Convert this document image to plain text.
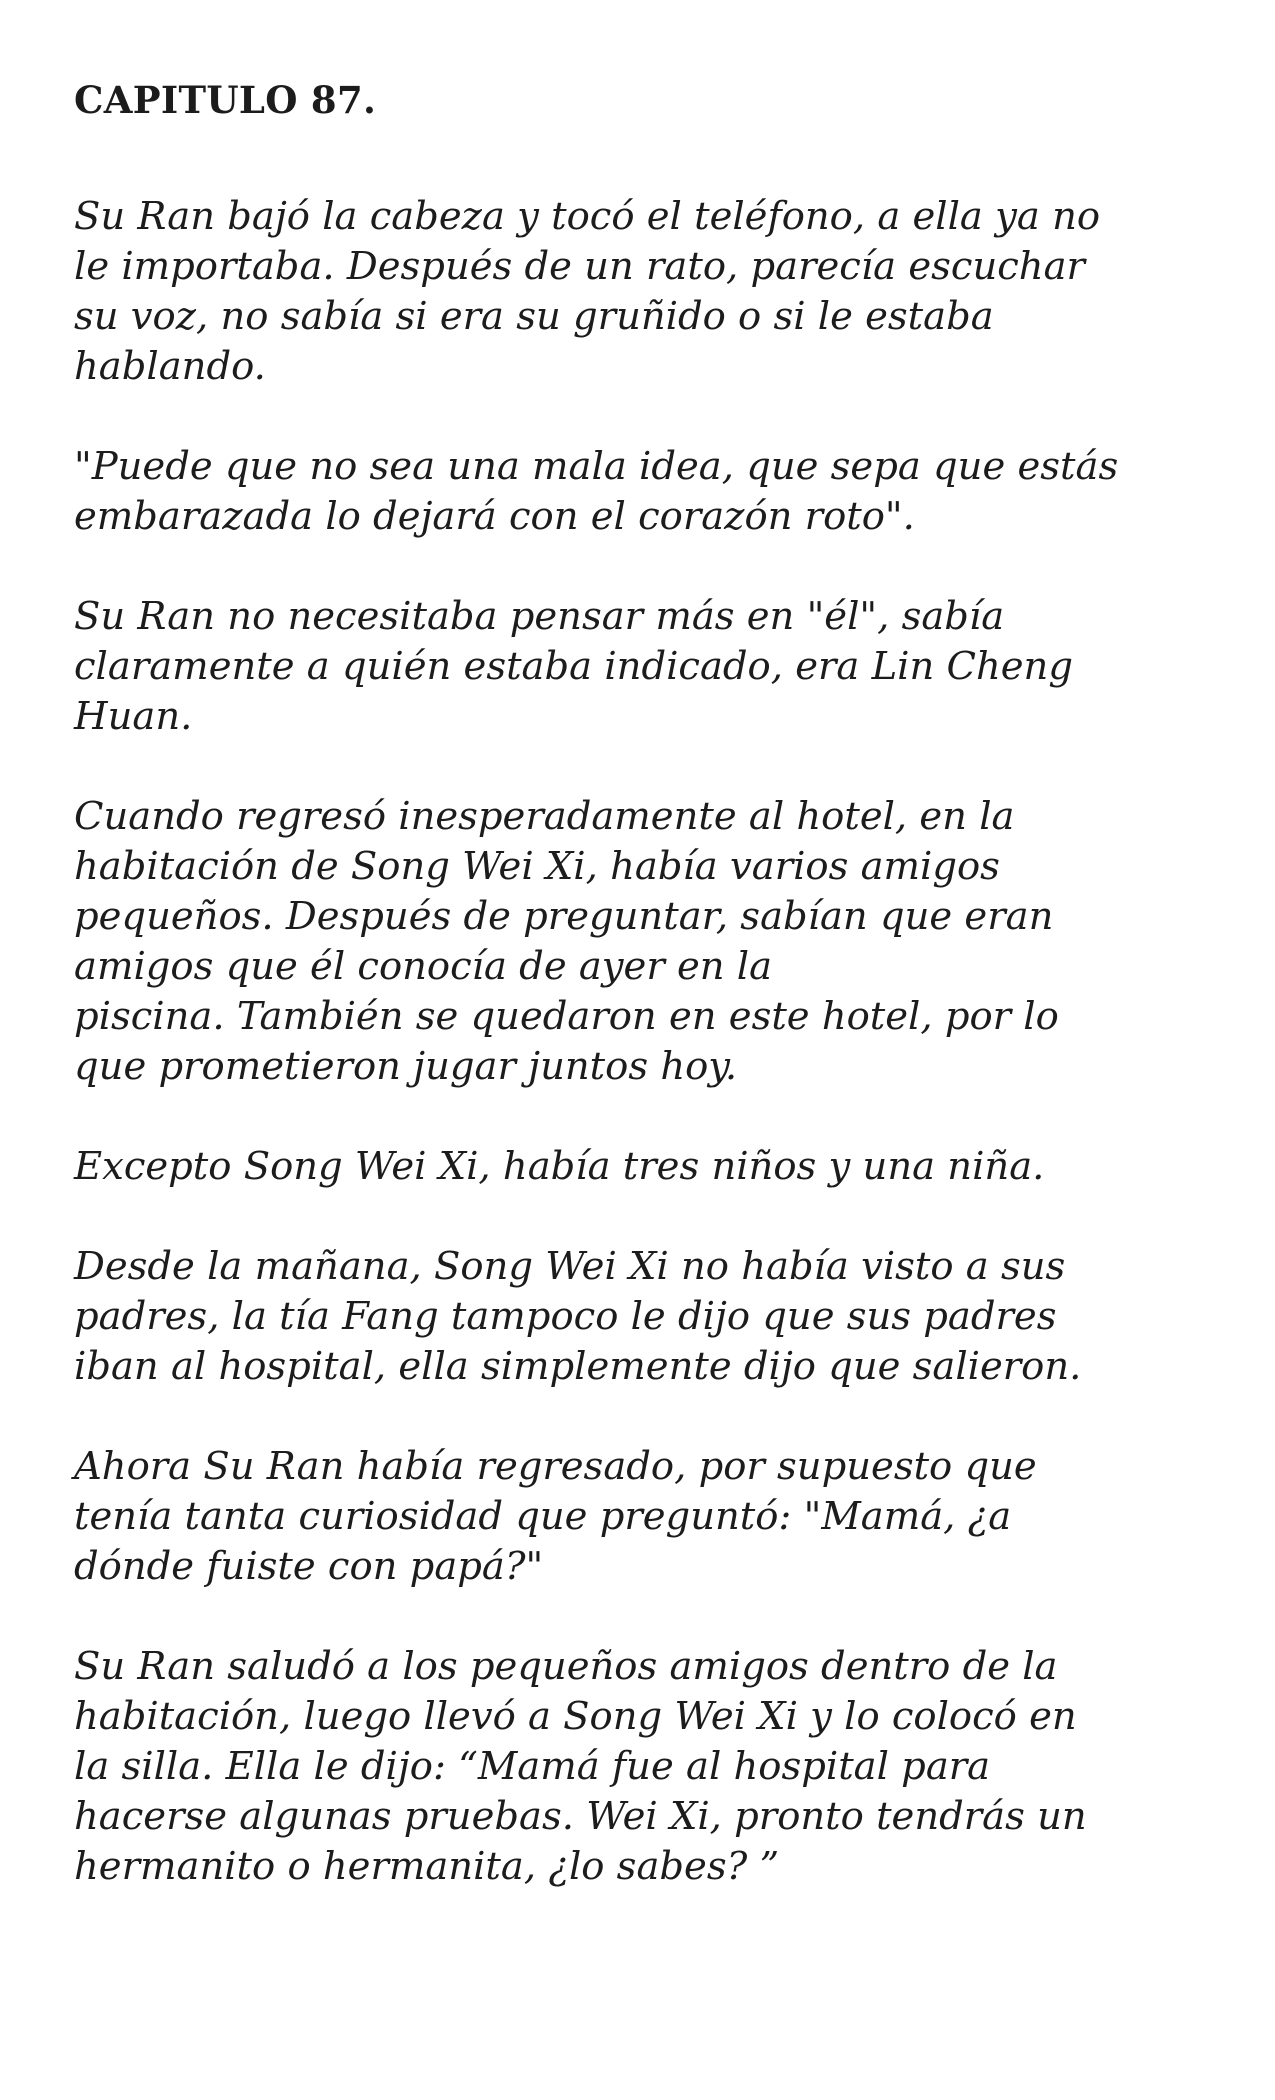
CAPITULO 87.

Su Ran bajó la cabeza y tocó el teléfono, a ella ya no
le importaba. Después de un rato, parecía escuchar
su voz, no sabía si era su gruñido o si le estaba
hablando.

"Puede que no sea una mala idea, que sepa que estás
embarazada lo dejará con el corazón roto".

Su Ran no necesitaba pensar más en "él", sabía
claramente a quién estaba indicado, era Lin Cheng
Huan.

Cuando regresó inesperadamente al hotel, en la
habitación de Song Wei Xi, había varios amigos
pequeños. Después de preguntar, sabían que eran
amigos que él conocía de ayer en la
piscina. También se quedaron en este hotel, por lo
que prometieron jugar juntos hoy.

Excepto Song Wei Xi, había tres niños y una niña.

Desde la mañana, Song Wei Xi no había visto a sus
padres, la tía Fang tampoco le dijo que sus padres
iban al hospital, ella simplemente dijo que salieron.

Ahora Su Ran había regresado, por supuesto que
tenía tanta curiosidad que preguntó: "Mamá, ¿a
dónde fuiste con papá?"

Su Ran saludó a los pequeños amigos dentro de la
habitación, luego llevó a Song Wei Xi y lo colocó en
la silla. Ella le dijo: “Mamá fue al hospital para
hacerse algunas pruebas. Wei Xi, pronto tendrás un
hermanito o hermanita, ¿lo sabes? ”
